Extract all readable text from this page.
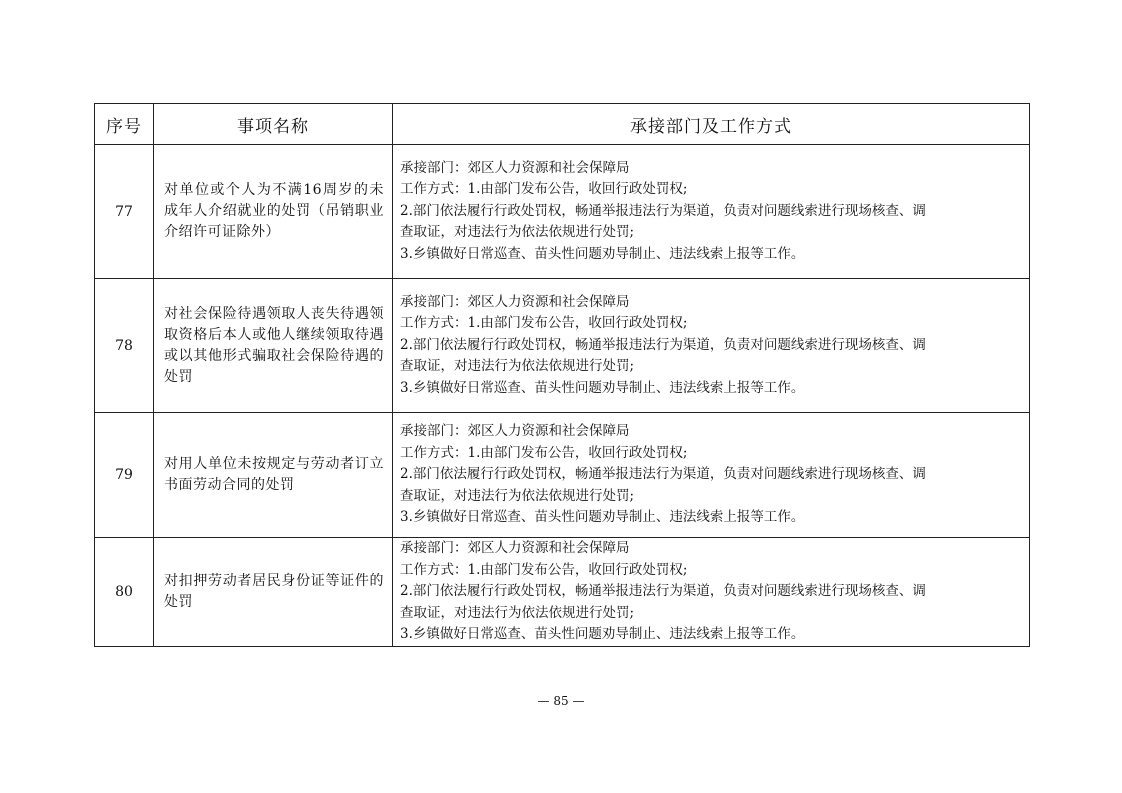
序号	事项名称	承接部门及工作方式
77	对单位或个人为不满16周岁的未成年人介绍就业的处罚（吊销职业介绍许可证除外）	承接部门：郊区人力资源和社会保障局
工作方式：1.由部门发布公告，收回行政处罚权;
2.部门依法履行行政处罚权，畅通举报违法行为渠道，负责对问题线索进行现场核查、调
查取证，对违法行为依法依规进行处罚;
3.乡镇做好日常巡查、苗头性问题劝导制止、违法线索上报等工作。

78	对社会保险待遇领取人丧失待遇领取资格后本人或他人继续领取待遇或以其他形式骗取社会保险待遇的处罚	承接部门：郊区人力资源和社会保障局
工作方式：1.由部门发布公告，收回行政处罚权;
2.部门依法履行行政处罚权，畅通举报违法行为渠道，负责对问题线索进行现场核查、调
查取证，对违法行为依法依规进行处罚;
3.乡镇做好日常巡查、苗头性问题劝导制止、违法线索上报等工作。

79	对用人单位未按规定与劳动者订立书面劳动合同的处罚	承接部门：郊区人力资源和社会保障局
工作方式：1.由部门发布公告，收回行政处罚权;
2.部门依法履行行政处罚权，畅通举报违法行为渠道，负责对问题线索进行现场核查、调
查取证，对违法行为依法依规进行处罚;
3.乡镇做好日常巡查、苗头性问题劝导制止、违法线索上报等工作。

80	对扣押劳动者居民身份证等证件的处罚	承接部门：郊区人力资源和社会保障局
工作方式：1.由部门发布公告，收回行政处罚权;
2.部门依法履行行政处罚权，畅通举报违法行为渠道，负责对问题线索进行现场核查、调
查取证，对违法行为依法依规进行处罚;
3.乡镇做好日常巡查、苗头性问题劝导制止、违法线索上报等工作。
— 85 —
